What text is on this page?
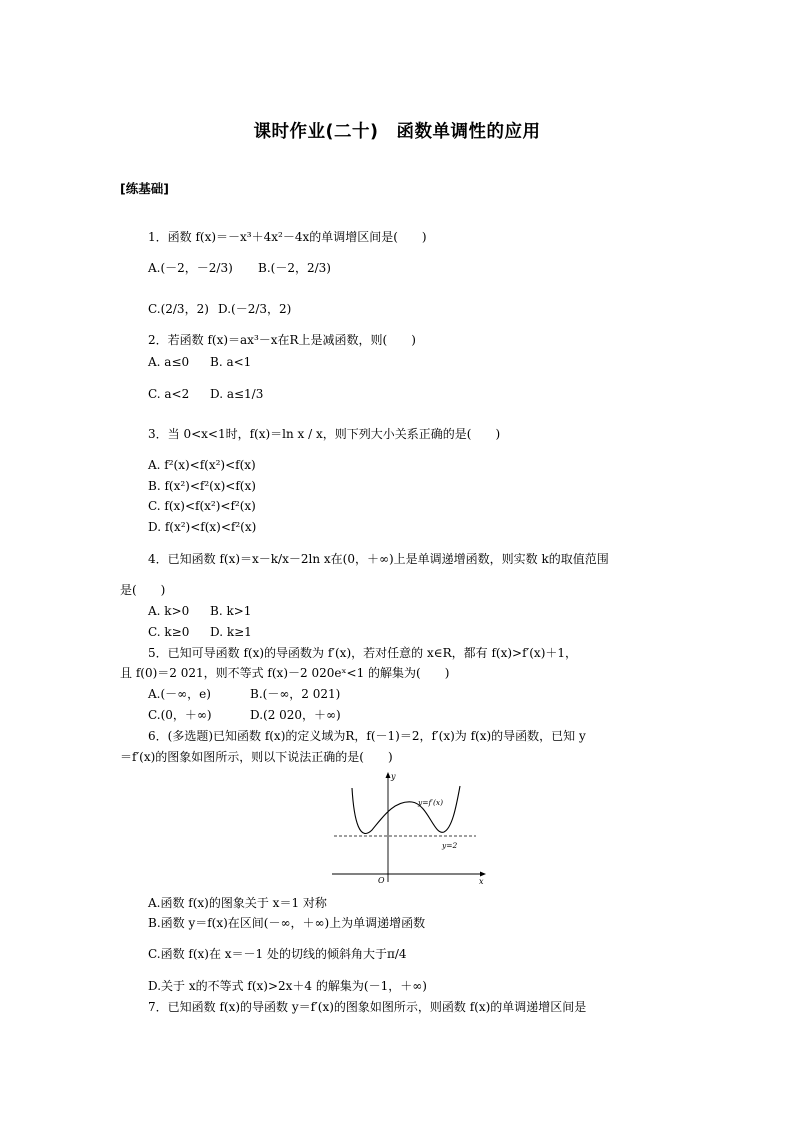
课时作业(二十)　函数单调性的应用
[练基础]
1．函数 f(x)＝－x³＋4x²－4x的单调增区间是(　　)
A.(－2，－2/3) B.(－2，2/3)
C.(2/3，2) D.(－2/3，2)
2．若函数 f(x)＝ax³－x在R上是减函数，则(　　)
A. a≤0 B. a<1
C. a<2 D. a≤1/3
3．当 0<x<1时，f(x)＝ln x / x，则下列大小关系正确的是(　　)
A. f²(x)<f(x²)<f(x)
B. f(x²)<f²(x)<f(x)
C. f(x)<f(x²)<f²(x)
D. f(x²)<f(x)<f²(x)
4．已知函数 f(x)＝x－k/x－2ln x在(0，＋∞)上是单调递增函数，则实数 k的取值范围
是(　　)
A. k>0 B. k>1
C. k≥0 D. k≥1
5．已知可导函数 f(x)的导函数为 f′(x)，若对任意的 x∈R，都有 f(x)>f′(x)＋1，
且 f(0)＝2 021，则不等式 f(x)－2 020eˣ<1 的解集为(　　)
A.(－∞，e)	B.(－∞，2 021)
C.(0，＋∞)	D.(2 020，＋∞)
6．(多选题)已知函数 f(x)的定义域为R，f(－1)＝2，f′(x)为 f(x)的导函数，已知 y
＝f′(x)的图象如图所示，则以下说法正确的是(　　)
y
x
O
y=f′(x)
y=2
A.函数 f(x)的图象关于 x＝1 对称
B.函数 y＝f(x)在区间(－∞，＋∞)上为单调递增函数
C.函数 f(x)在 x＝－1 处的切线的倾斜角大于π/4
D.关于 x的不等式 f(x)>2x＋4 的解集为(－1，＋∞)
7．已知函数 f(x)的导函数 y＝f′(x)的图象如图所示，则函数 f(x)的单调递增区间是
